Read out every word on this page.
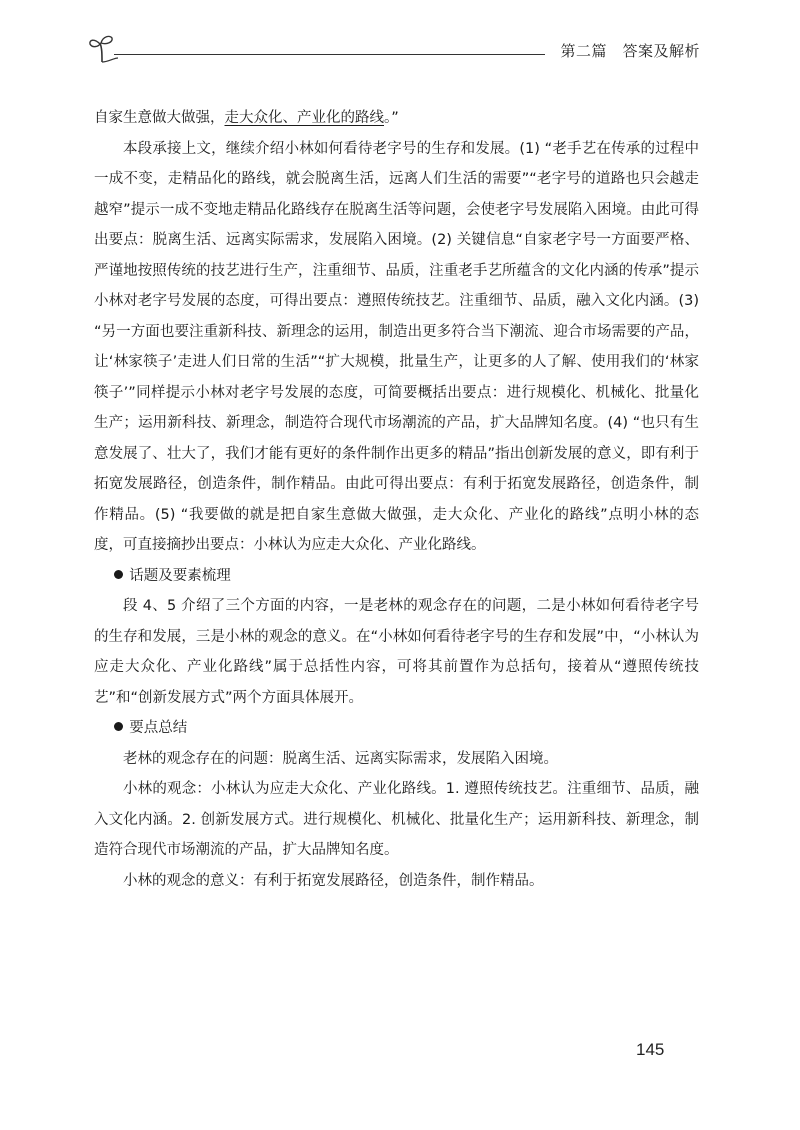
第二篇　答案及解析

自家生意做大做强，走大众化、产业化的路线。”

本段承接上文，继续介绍小林如何看待老字号的生存和发展。(1) “老手艺在传承的过程中一成不变，走精品化的路线，就会脱离生活，远离人们生活的需要”“老字号的道路也只会越走越窄”提示一成不变地走精品化路线存在脱离生活等问题，会使老字号发展陷入困境。由此可得出要点：脱离生活、远离实际需求，发展陷入困境。(2) 关键信息“自家老字号一方面要严格、严谨地按照传统的技艺进行生产，注重细节、品质，注重老手艺所蕴含的文化内涵的传承”提示小林对老字号发展的态度，可得出要点：遵照传统技艺。注重细节、品质，融入文化内涵。(3) “另一方面也要注重新科技、新理念的运用，制造出更多符合当下潮流、迎合市场需要的产品，让‘林家筷子’走进人们日常的生活”“扩大规模，批量生产，让更多的人了解、使用我们的‘林家筷子’”同样提示小林对老字号发展的态度，可简要概括出要点：进行规模化、机械化、批量化生产；运用新科技、新理念，制造符合现代市场潮流的产品，扩大品牌知名度。(4) “也只有生意发展了、壮大了，我们才能有更好的条件制作出更多的精品”指出创新发展的意义，即有利于拓宽发展路径，创造条件，制作精品。由此可得出要点：有利于拓宽发展路径，创造条件，制作精品。(5) “我要做的就是把自家生意做大做强，走大众化、产业化的路线”点明小林的态度，可直接摘抄出要点：小林认为应走大众化、产业化路线。

话题及要素梳理

段 4、5 介绍了三个方面的内容，一是老林的观念存在的问题，二是小林如何看待老字号的生存和发展，三是小林的观念的意义。在“小林如何看待老字号的生存和发展”中，“小林认为应走大众化、产业化路线”属于总括性内容，可将其前置作为总括句，接着从“遵照传统技艺”和“创新发展方式”两个方面具体展开。

要点总结

老林的观念存在的问题：脱离生活、远离实际需求，发展陷入困境。

小林的观念：小林认为应走大众化、产业化路线。1. 遵照传统技艺。注重细节、品质，融入文化内涵。2. 创新发展方式。进行规模化、机械化、批量化生产；运用新科技、新理念，制造符合现代市场潮流的产品，扩大品牌知名度。

小林的观念的意义：有利于拓宽发展路径，创造条件，制作精品。

145
